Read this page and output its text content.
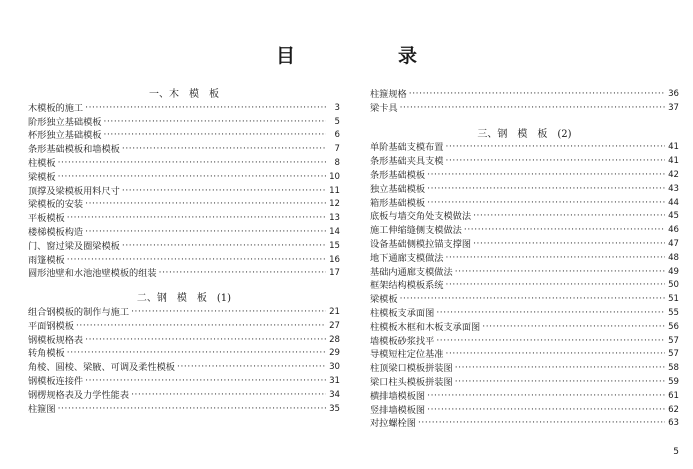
目　录
一、木　模　板
木模板的施工 ·····	3
阶形独立基础模板 ·····	5
杯形独立基础模板 ·····	6
条形基础模板和墙模板 ·····	7
柱模板 ·····	8
梁模板 ·····	10
顶撑及梁模板用料尺寸 ·····	11
梁模板的安装 ·····	12
平板模板 ·····	13
楼梯模板构造 ·····	14
门、窗过梁及圈梁模板 ·····	15
雨篷模板 ·····	16
圆形池壁和水池池壁模板的组装 ·····	17
二、钢　模　板　(1)
组合钢模板的制作与施工 ·····	21
平面钢模板 ·····	27
钢模板规格表 ·····	28
转角模板 ·····	29
角棱、圆棱、梁腋、可调及柔性模板 ·····	30
钢模板连接件 ·····	31
钢楞规格表及力学性能表 ·····	34
柱箍图 ·····	35
柱箍规格 ·····	36
梁卡具 ·····	37
三、钢　模　板　(2)
单阶基础支模布置 ·····	41
条形基础夹具支模 ·····	41
条形基础模板 ·····	42
独立基础模板 ·····	43
箱形基础模板 ·····	44
底板与墙交角处支模做法 ·····	45
施工伸缩缝侧支模做法 ·····	46
设备基础侧模拉锚支撑图 ·····	47
地下通廊支模做法 ·····	48
基础内通廊支模做法 ·····	49
框架结构模板系统 ·····	50
梁模板 ·····	51
柱模板支承面图 ·····	55
柱模板木框和木板支承面图 ·····	56
墙模板砂浆找平 ·····	57
导模短柱定位基准 ·····	57
柱顶梁口模板拼装图 ·····	58
梁口柱头模板拼装图 ·····	59
横排墙模板图 ·····	61
竖排墙模板图 ·····	62
对拉螺栓图 ·····	63
5
